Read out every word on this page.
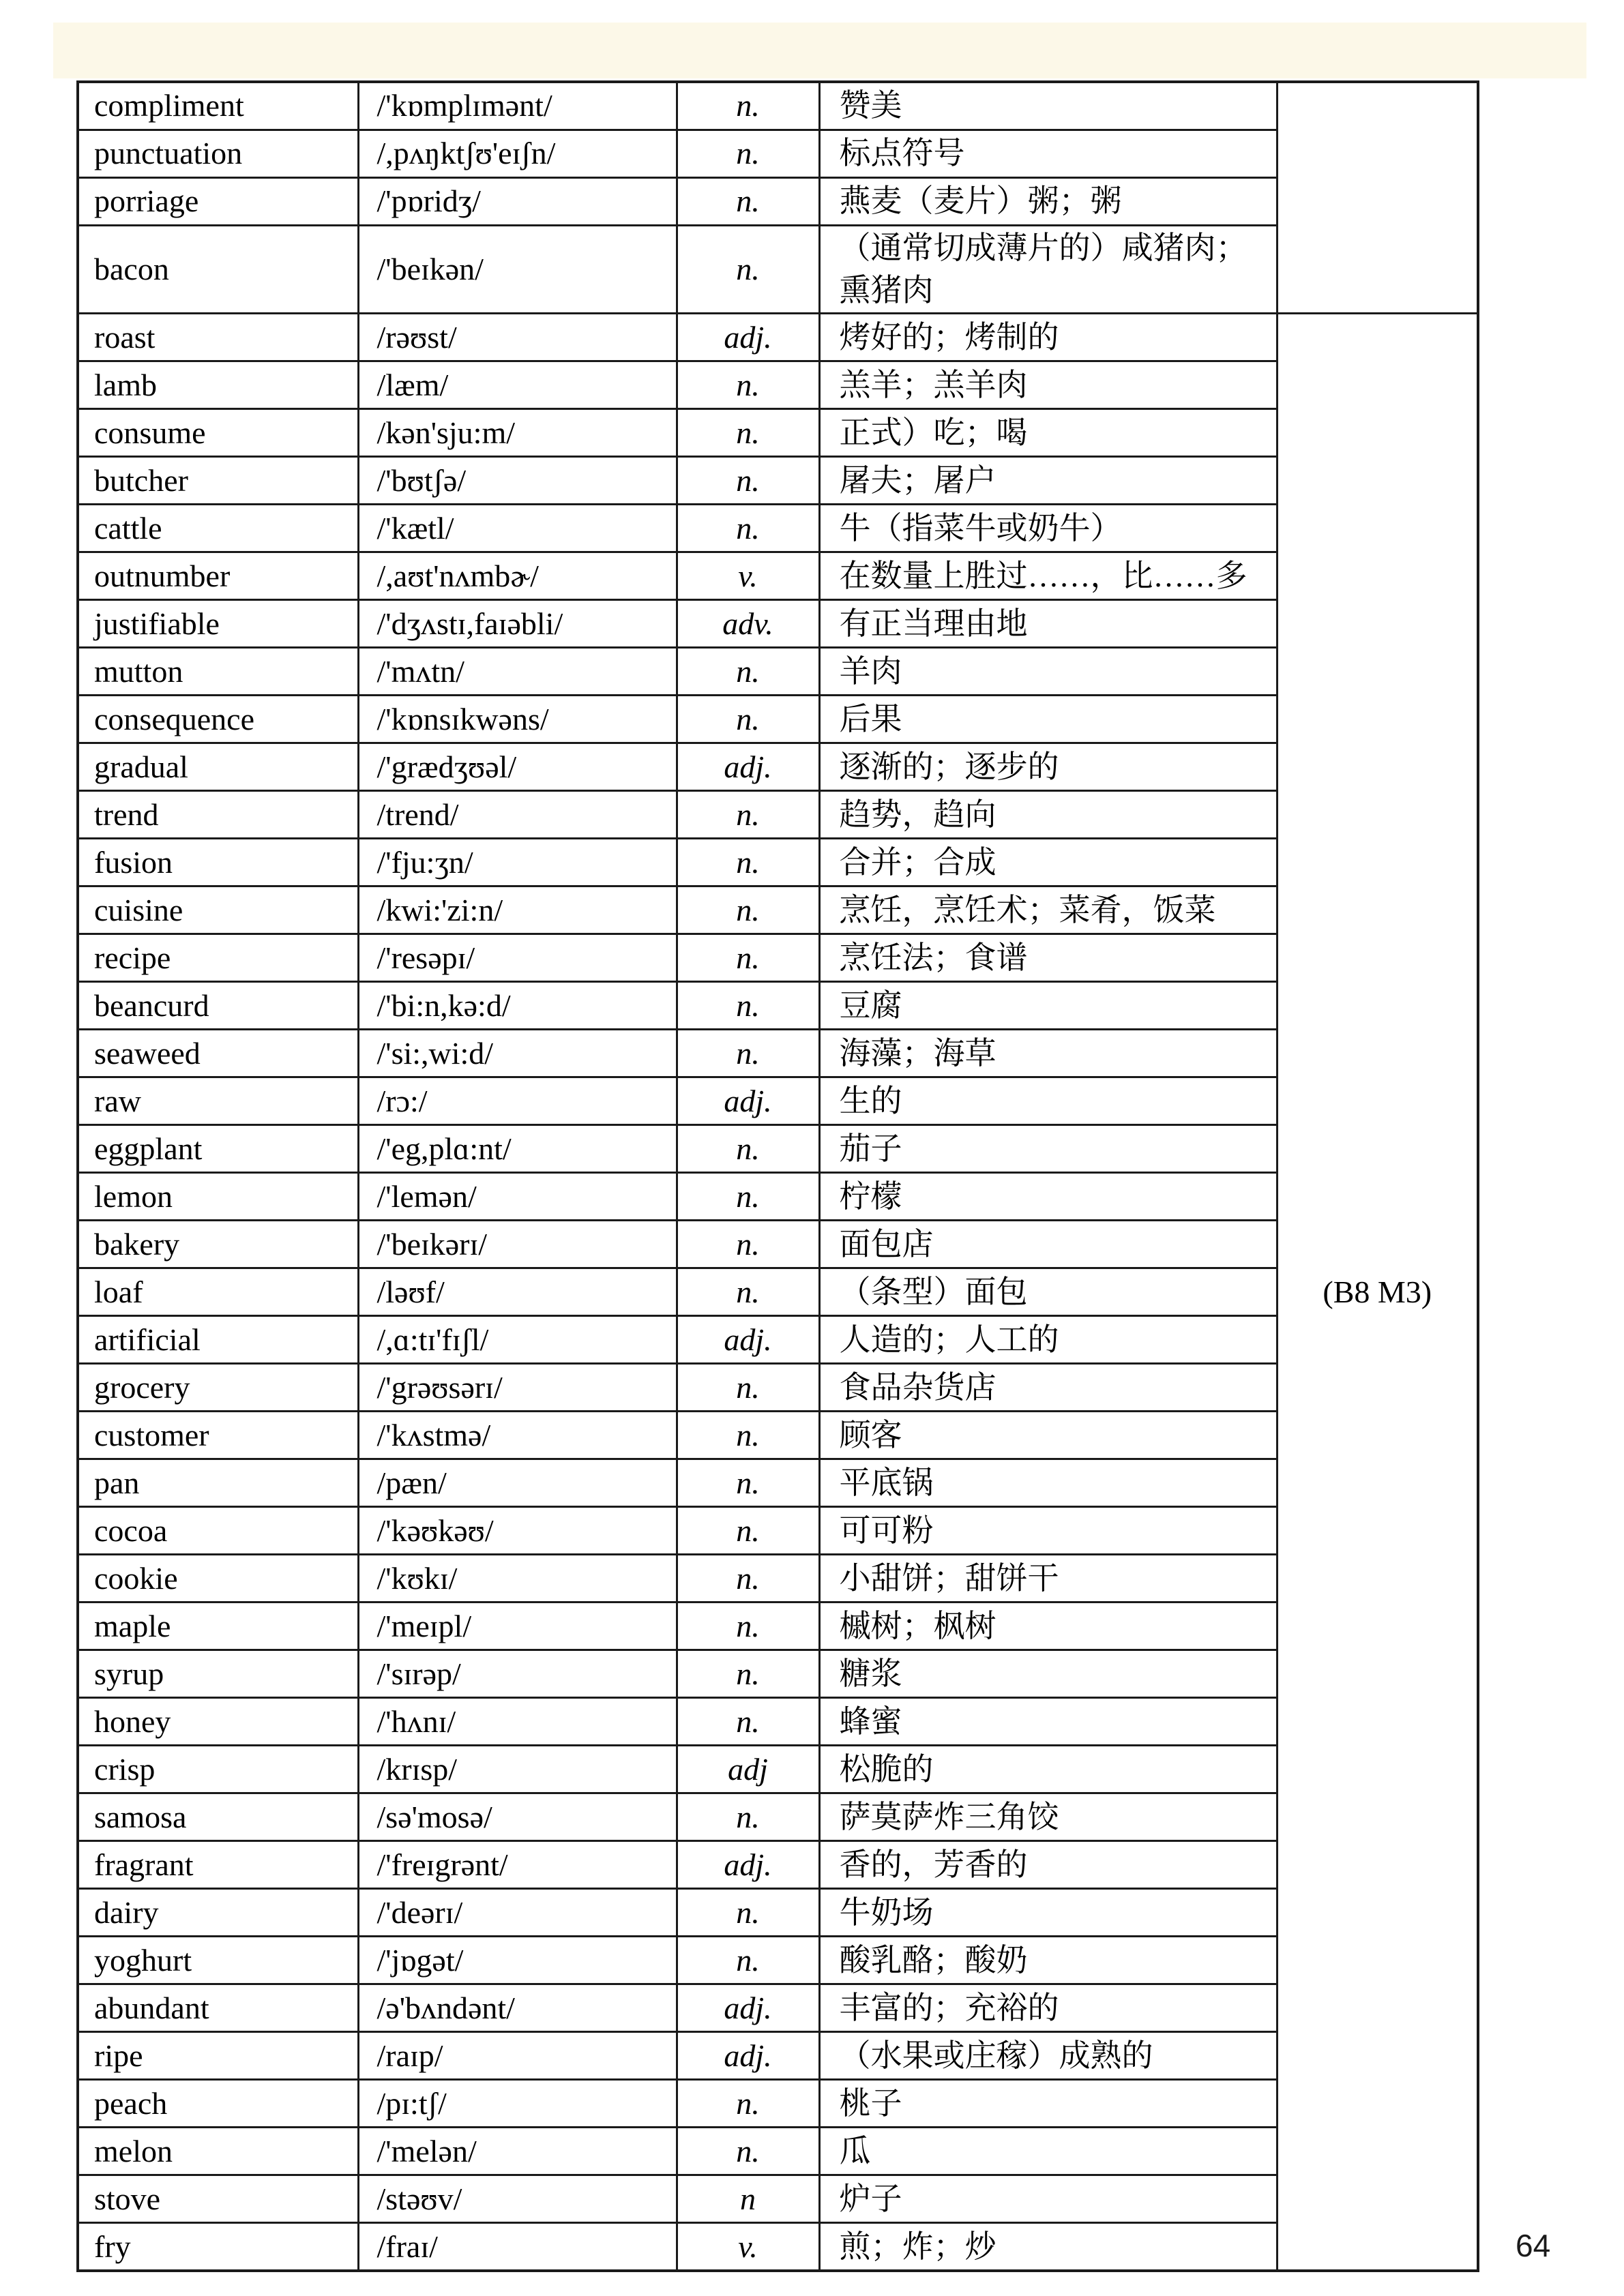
compliment	/'kɒmplɪmənt/	n.	赞美	
punctuation	/,pʌŋktʃʊ'eɪʃn/	n.	标点符号	
porriage	/'pɒridʒ/	n.	燕麦（麦片）粥；粥	
bacon	/'beɪkən/	n.	（通常切成薄片的）咸猪肉；熏猪肉	
roast	/rəʊst/	adj.	烤好的；烤制的	(B8 M3)
lamb	/læm/	n.	羔羊；羔羊肉	
consume	/kən'sju:m/	n.	正式）吃；喝	
butcher	/'bʊtʃə/	n.	屠夫；屠户	
cattle	/'kætl/	n.	牛（指菜牛或奶牛）	
outnumber	/,aʊt'nʌmbɚ/	v.	在数量上胜过……，比……多	
justifiable	/'dʒʌstɪ,faɪəbli/	adv.	有正当理由地	
mutton	/'mʌtn/	n.	羊肉	
consequence	/'kɒnsɪkwəns/	n.	后果	
gradual	/'grædʒʊəl/	adj.	逐渐的；逐步的	
trend	/trend/	n.	趋势，趋向	
fusion	/'fju:ʒn/	n.	合并；合成	
cuisine	/kwi:'zi:n/	n.	烹饪，烹饪术；菜肴，饭菜	
recipe	/'resəpɪ/	n.	烹饪法；食谱	
beancurd	/'bi:n,kə:d/	n.	豆腐	
seaweed	/'si:,wi:d/	n.	海藻；海草	
raw	/rɔ:/	adj.	生的	
eggplant	/'eg,plɑ:nt/	n.	茄子	
lemon	/'lemən/	n.	柠檬	
bakery	/'beɪkərɪ/	n.	面包店	
loaf	/ləʊf/	n.	（条型）面包	
artificial	/,ɑ:tɪ'fɪʃl/	adj.	人造的；人工的	
grocery	/'grəʊsərɪ/	n.	食品杂货店	
customer	/'kʌstmə/	n.	顾客	
pan	/pæn/	n.	平底锅	
cocoa	/'kəʊkəʊ/	n.	可可粉	
cookie	/'kʊkɪ/	n.	小甜饼；甜饼干	
maple	/'meɪpl/	n.	槭树；枫树	
syrup	/'sɪrəp/	n.	糖浆	
honey	/'hʌnɪ/	n.	蜂蜜	
crisp	/krɪsp/	adj	松脆的	
samosa	/sə'mosə/	n.	萨莫萨炸三角饺	
fragrant	/'freɪgrənt/	adj.	香的，芳香的	
dairy	/'deərɪ/	n.	牛奶场	
yoghurt	/'jɒgət/	n.	酸乳酪；酸奶	
abundant	/ə'bʌndənt/	adj.	丰富的；充裕的	
ripe	/raɪp/	adj.	（水果或庄稼）成熟的	
peach	/pɪ:tʃ/	n.	桃子	
melon	/'melən/	n.	瓜	
stove	/stəʊv/	n	炉子	
fry	/fraɪ/	v.	煎；炸；炒		64
